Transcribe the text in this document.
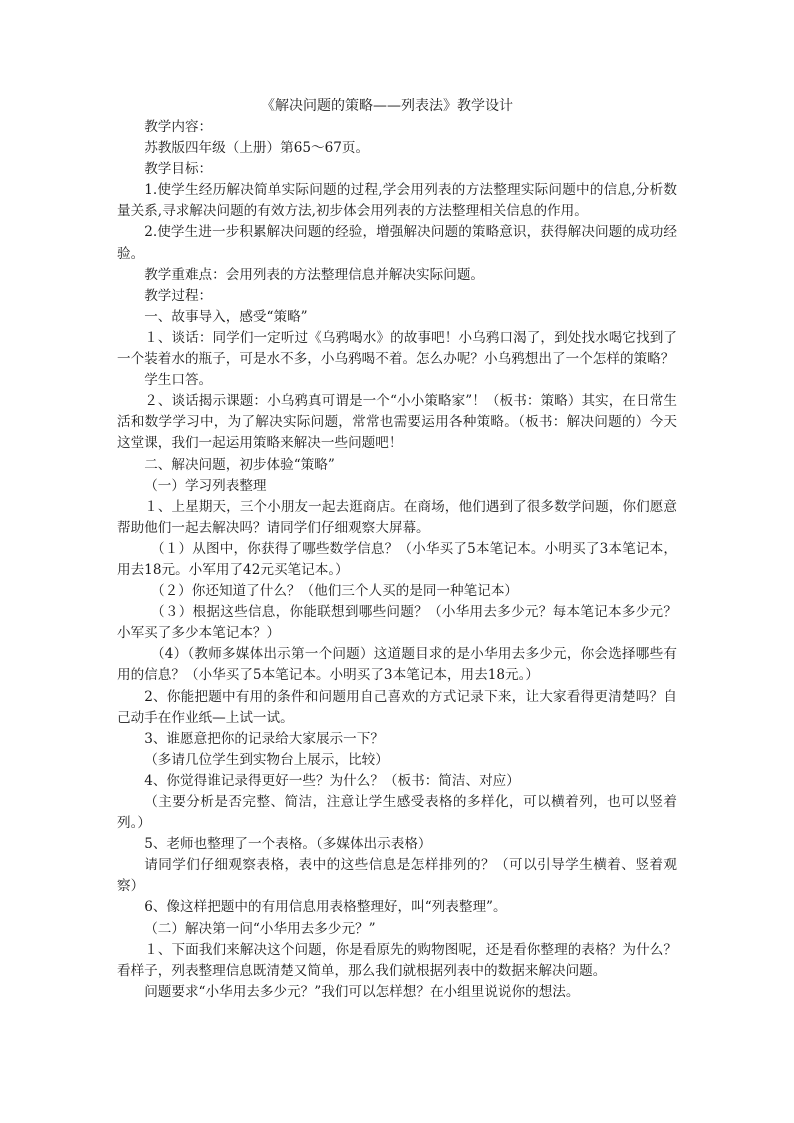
《解决问题的策略——列表法》教学设计

教学内容：

苏教版四年级（上册）第65～67页。

教学目标：

1.使学生经历解决简单实际问题的过程,学会用列表的方法整理实际问题中的信息,分析数量关系,寻求解决问题的有效方法,初步体会用列表的方法整理相关信息的作用。

2.使学生进一步积累解决问题的经验，增强解决问题的策略意识，获得解决问题的成功经验。

教学重难点：会用列表的方法整理信息并解决实际问题。

教学过程：

一、故事导入，感受“策略”

１、谈话：同学们一定听过《乌鸦喝水》的故事吧！小乌鸦口渴了，到处找水喝它找到了一个装着水的瓶子，可是水不多，小乌鸦喝不着。怎么办呢？小乌鸦想出了一个怎样的策略？

学生口答。

２、谈话揭示课题：小乌鸦真可谓是一个“小小策略家”！（板书：策略）其实，在日常生活和数学学习中，为了解决实际问题，常常也需要运用各种策略。（板书：解决问题的）今天这堂课，我们一起运用策略来解决一些问题吧！

二、解决问题，初步体验“策略”

（一）学习列表整理

１、上星期天，三个小朋友一起去逛商店。在商场，他们遇到了很多数学问题，你们愿意帮助他们一起去解决吗？请同学们仔细观察大屏幕。

（１）从图中，你获得了哪些数学信息？（小华买了5本笔记本。小明买了3本笔记本，用去18元。小军用了42元买笔记本。）

（２）你还知道了什么？（他们三个人买的是同一种笔记本）

（３）根据这些信息，你能联想到哪些问题？（小华用去多少元？每本笔记本多少元？小军买了多少本笔记本？）

（4）（教师多媒体出示第一个问题）这道题目求的是小华用去多少元，你会选择哪些有用的信息？（小华买了5本笔记本。小明买了3本笔记本，用去18元。）

2、你能把题中有用的条件和问题用自己喜欢的方式记录下来，让大家看得更清楚吗？自己动手在作业纸—上试一试。

3、谁愿意把你的记录给大家展示一下？

（多请几位学生到实物台上展示，比较）

4、你觉得谁记录得更好一些？为什么？（板书：简洁、对应）

（主要分析是否完整、简洁，注意让学生感受表格的多样化，可以横着列，也可以竖着列。）

5、老师也整理了一个表格。（多媒体出示表格）

请同学们仔细观察表格，表中的这些信息是怎样排列的？（可以引导学生横着、竖着观察）

6、像这样把题中的有用信息用表格整理好，叫“列表整理”。

（二）解决第一问“小华用去多少元？”

１、下面我们来解决这个问题，你是看原先的购物图呢，还是看你整理的表格？为什么？看样子，列表整理信息既清楚又简单，那么我们就根据列表中的数据来解决问题。

问题要求“小华用去多少元？”我们可以怎样想？在小组里说说你的想法。
